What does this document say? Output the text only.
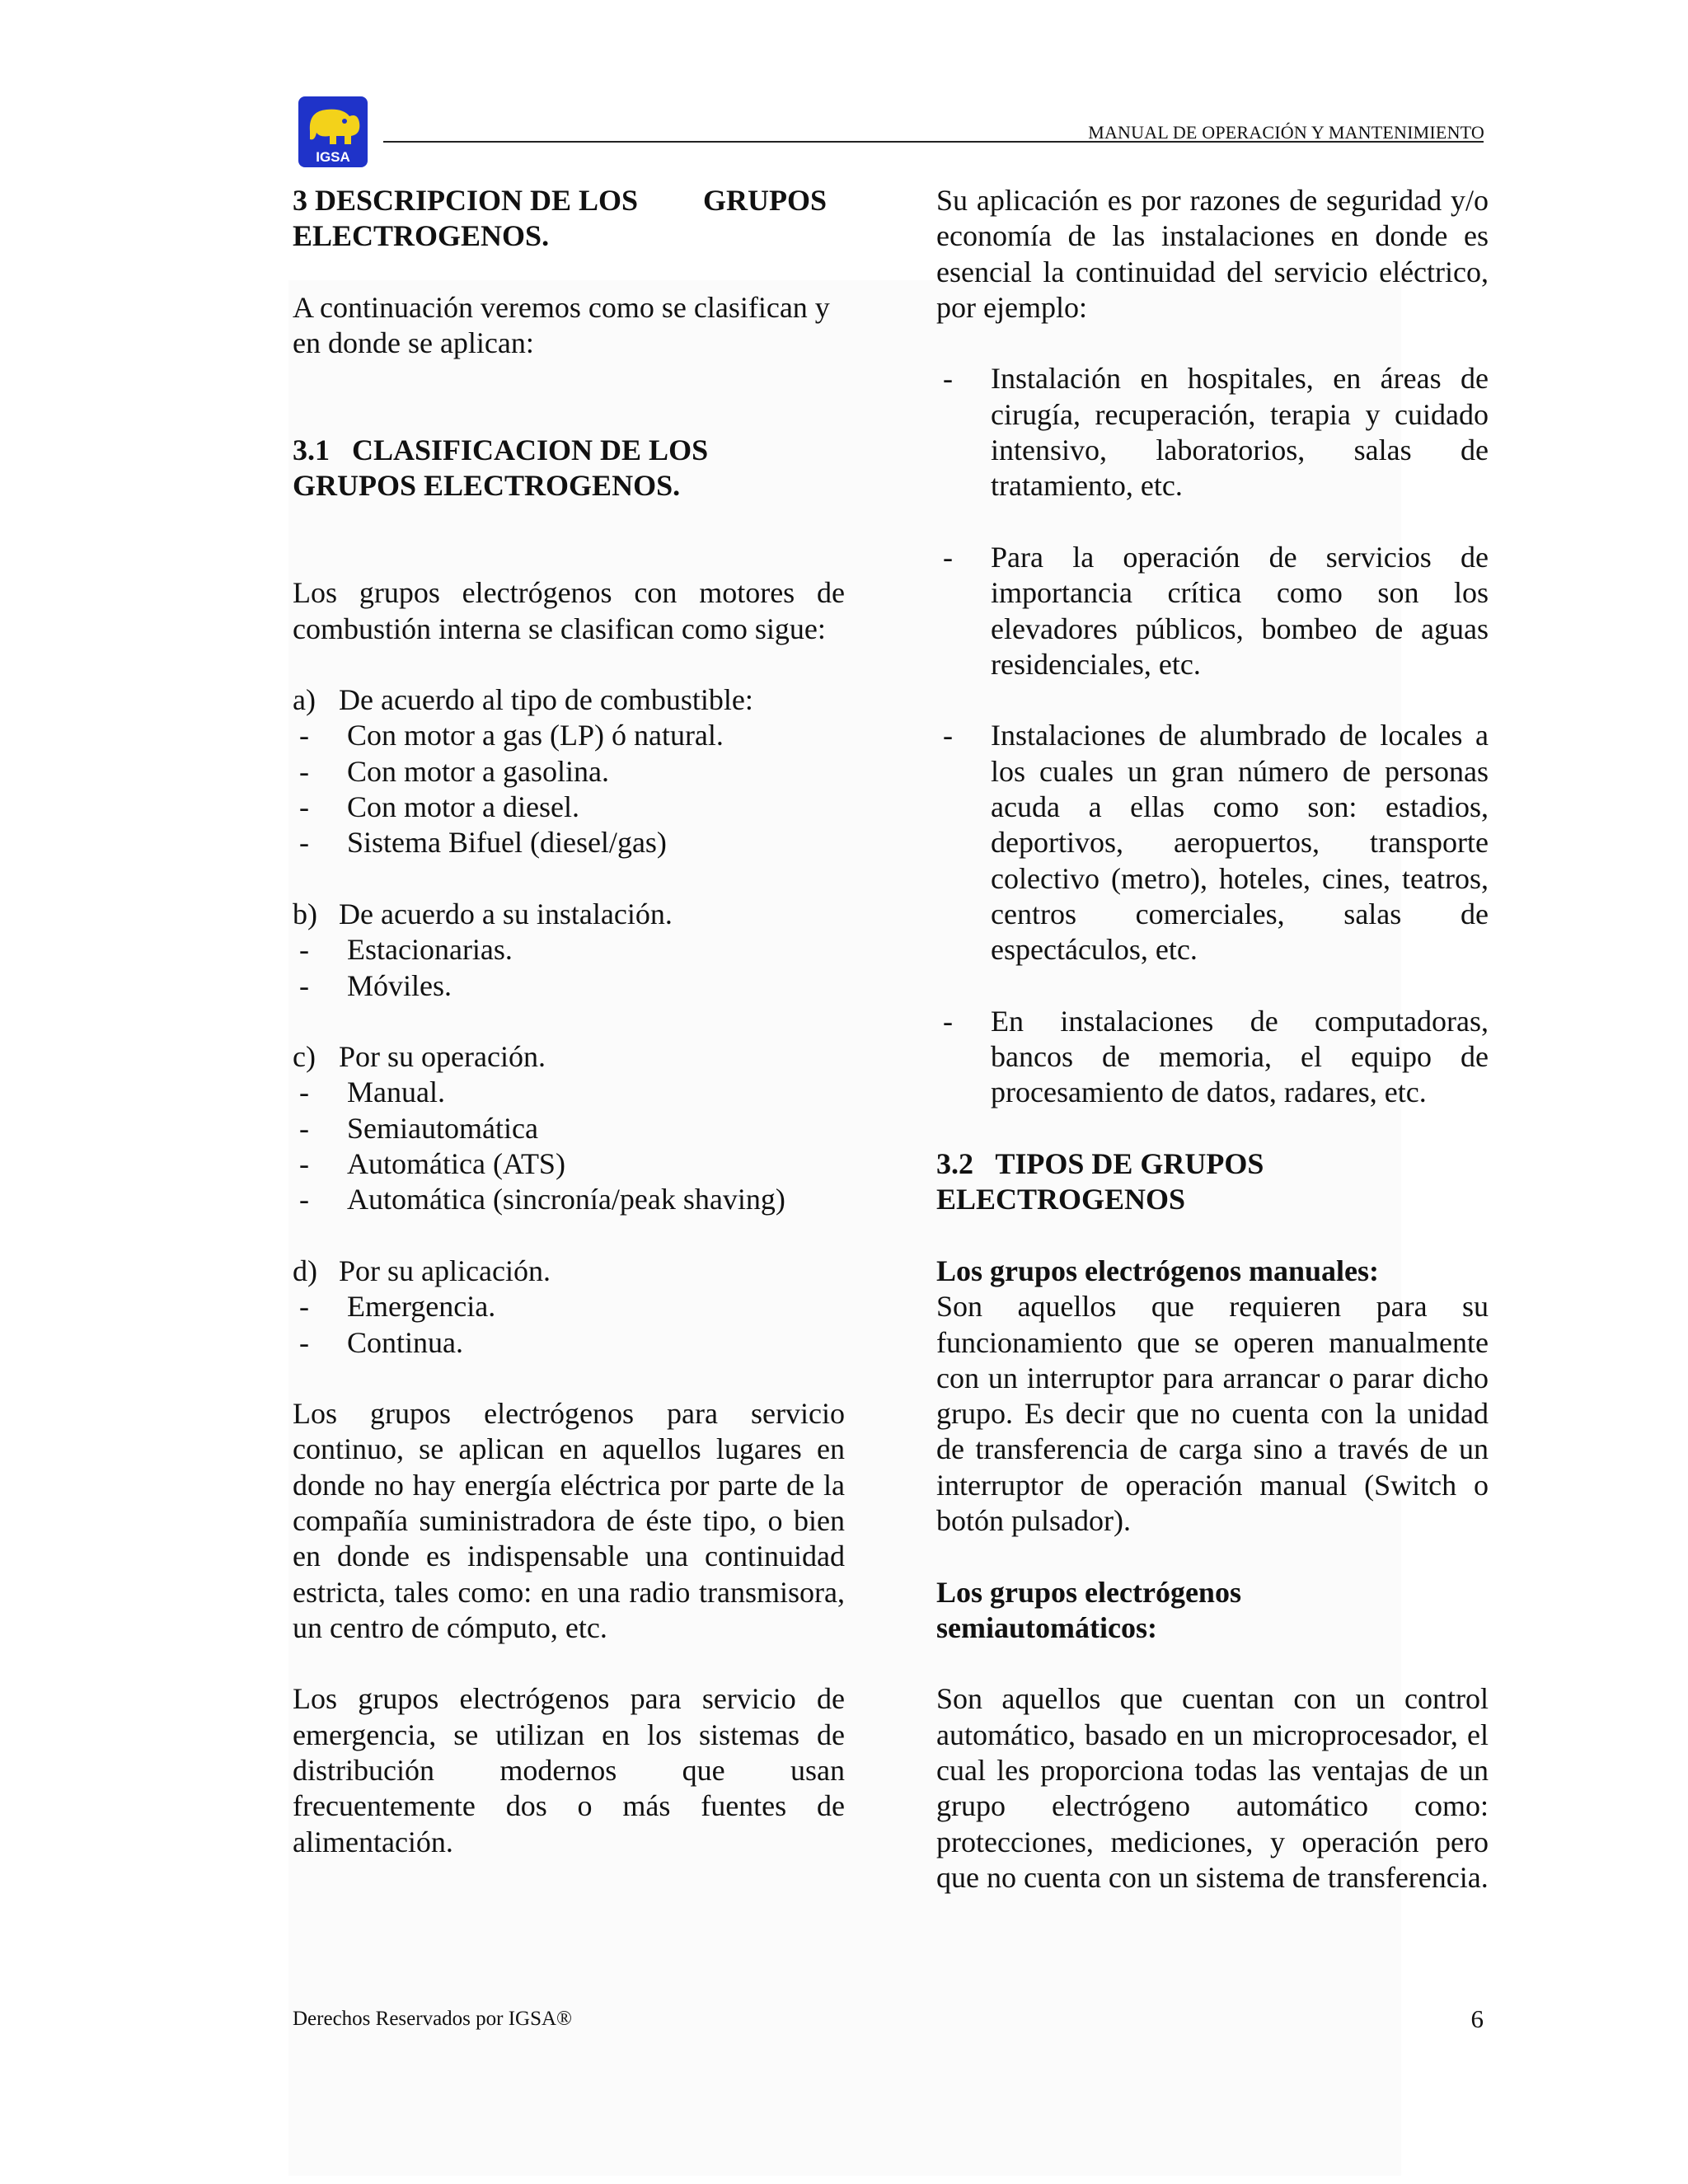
IGSA
MANUAL DE OPERACIÓN Y MANTENIMIENTO

3 DESCRIPCION DE LOS GRUPOS

ELECTROGENOS.

A continuación veremos como se clasifican y en donde se aplican:

3.1   CLASIFICACION DE LOS

GRUPOS ELECTROGENOS.

Los grupos electrógenos con motores de combustión interna se clasifican como sigue:

a) De acuerdo al tipo de combustible:
-	Con motor a gas (LP) ó natural.
-	Con motor a gasolina.
-	Con motor a diesel.
-	Sistema Bifuel (diesel/gas)
b) De acuerdo a su instalación.
-	Estacionarias.
-	Móviles.
c) Por su operación.
-	Manual.
-	Semiautomática
-	Automática (ATS)
-	Automática (sincronía/peak shaving)
d) Por su aplicación.
-	Emergencia.
-	Continua.

Los grupos electrógenos para servicio continuo, se aplican en aquellos lugares en donde no hay energía eléctrica por parte de la compañía suministradora de éste tipo, o bien en donde es indispensable una continuidad estricta, tales como: en una radio transmisora, un centro de cómputo, etc.

Los grupos electrógenos para servicio de emergencia, se utilizan en los sistemas de distribución modernos que usan frecuentemente dos o más fuentes de alimentación.

Su aplicación es por razones de seguridad y/o economía de las instalaciones en donde es esencial la continuidad del servicio eléctrico, por ejemplo:

-	Instalación en hospitales, en áreas de cirugía, recuperación, terapia y cuidado intensivo, laboratorios, salas de tratamiento, etc.
-	Para la operación de servicios de importancia crítica como son los elevadores públicos, bombeo de aguas residenciales, etc.
-	Instalaciones de alumbrado de locales a los cuales un gran número de personas acuda a ellas como son: estadios, deportivos, aeropuertos, transporte colectivo (metro), hoteles, cines, teatros, centros comerciales, salas de espectáculos, etc.
-	En instalaciones de computadoras, bancos de memoria, el equipo de procesamiento de datos, radares, etc.

3.2   TIPOS DE GRUPOS

ELECTROGENOS

Los grupos electrógenos manuales:

Son aquellos que requieren para su funcionamiento que se operen manualmente con un interruptor para arrancar o parar dicho grupo. Es decir que no cuenta con la unidad de transferencia de carga sino a través de un interruptor de operación manual (Switch o botón pulsador).

Los grupos electrógenos

semiautomáticos:

Son aquellos que cuentan con un control automático, basado en un microprocesador, el cual les proporciona todas las ventajas de un grupo electrógeno automático como: protecciones, mediciones, y operación pero que no cuenta con un sistema de transferencia.

Derechos Reservados por IGSA®	6
